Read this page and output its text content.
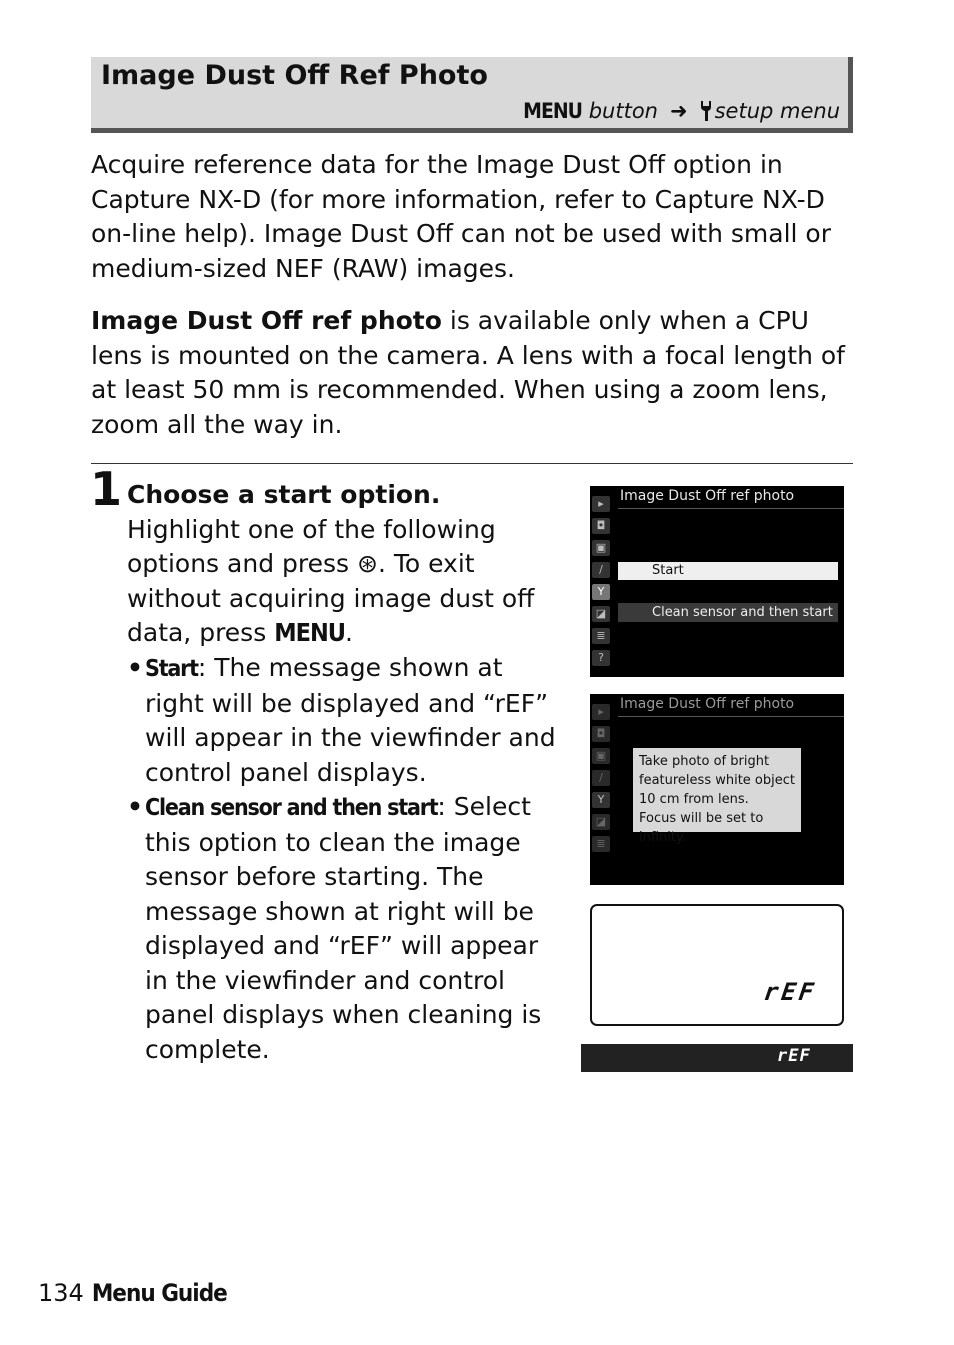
Image Dust Off Ref Photo
MENU button ➜ setup menu
Acquire reference data for the Image Dust Off option in Capture NX-D (for more information, refer to Capture NX-D on-line help). Image Dust Off can not be used with small or medium-sized NEF (RAW) images.
Image Dust Off ref photo is available only when a CPU lens is mounted on the camera. A lens with a focal length of at least 50 mm is recommended. When using a zoom lens, zoom all the way in.
1 Choose a start option.
Highlight one of the following options and press ⊛. To exit without acquiring image dust off data, press MENU.
• Start: The message shown at right will be displayed and “rEF” will appear in the viewfinder and control panel displays.
• Clean sensor and then start: Select this option to clean the image sensor before starting. The message shown at right will be displayed and “rEF” will appear in the viewfinder and control panel displays when cleaning is complete.
▸
◘
▣
/
Y
◪
≣
?
Image Dust Off ref photo
Start
Clean sensor and then start
▸
◘
▣
/
Y
◪
≣
Image Dust Off ref photo
Take photo of bright
featureless white object
10 cm from lens.
Focus will be set to infinity.
rEF
rEF
134 Menu Guide
